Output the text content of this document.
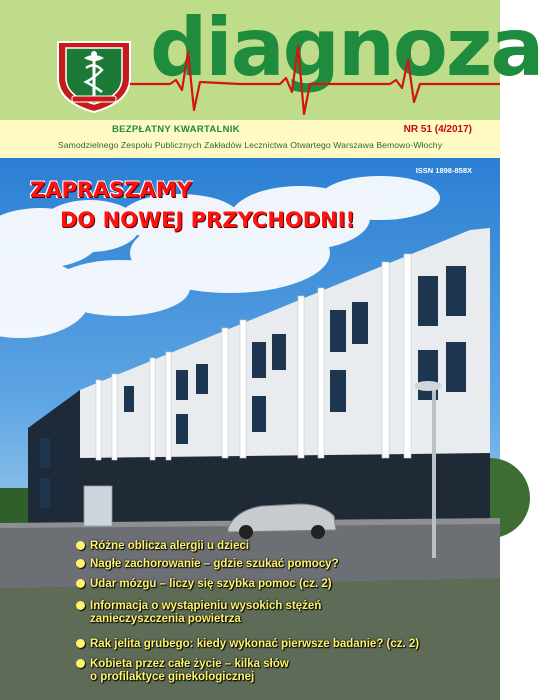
diagnoza
BEZPŁATNY KWARTALNIK	NR 51 (4/2017)
Samodzielnego Zespołu Publicznych Zakładów Lecznictwa Otwartego Warszawa Bemowo-Włochy
ISSN 1898-858X
ZAPRASZAMY
DO NOWEJ PRZYCHODNI!
Różne oblicza alergii u dzieci
Nagłe zachorowanie – gdzie szukać pomocy?
Udar mózgu – liczy się szybka pomoc (cz. 2)
Informacja o wystąpieniu wysokich stężeń
zanieczyszczenia powietrza
Rak jelita grubego: kiedy wykonać pierwsze badanie? (cz. 2)
Kobieta przez całe życie – kilka słów
o profilaktyce ginekologicznej
